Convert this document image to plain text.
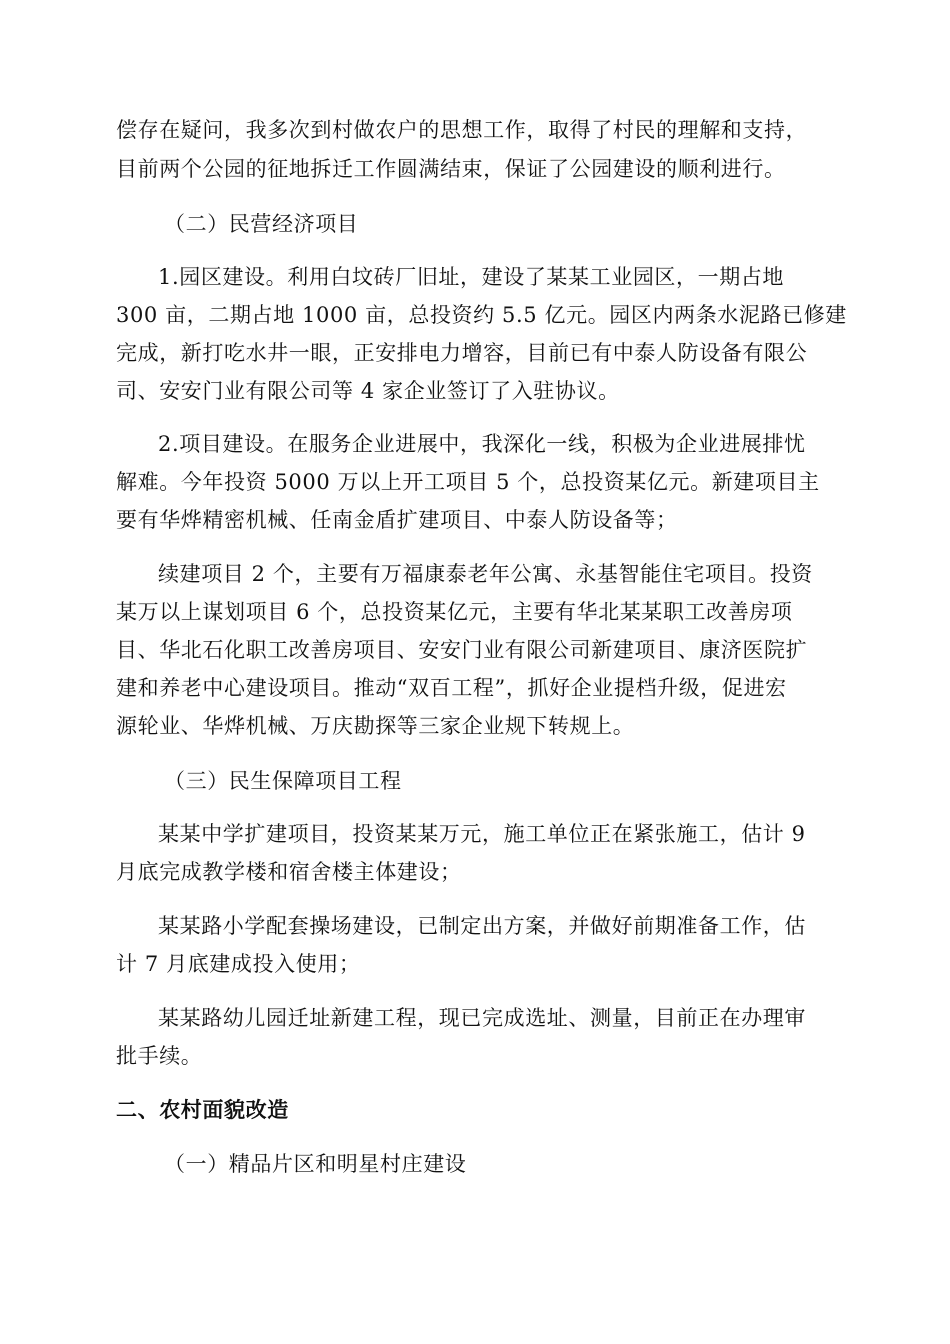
偿存在疑问，我多次到村做农户的思想工作，取得了村民的理解和支持，
目前两个公园的征地拆迁工作圆满结束，保证了公园建设的顺利进行。
（二）民营经济项目
1.园区建设。利用白坟砖厂旧址，建设了某某工业园区，一期占地
300 亩，二期占地 1000 亩，总投资约 5.5 亿元。园区内两条水泥路已修建
完成，新打吃水井一眼，正安排电力增容，目前已有中泰人防设备有限公
司、安安门业有限公司等 4 家企业签订了入驻协议。
2.项目建设。在服务企业进展中，我深化一线，积极为企业进展排忧
解难。今年投资 5000 万以上开工项目 5 个，总投资某亿元。新建项目主
要有华烨精密机械、任南金盾扩建项目、中泰人防设备等；
续建项目 2 个，主要有万福康泰老年公寓、永基智能住宅项目。投资
某万以上谋划项目 6 个，总投资某亿元，主要有华北某某职工改善房项
目、华北石化职工改善房项目、安安门业有限公司新建项目、康济医院扩
建和养老中心建设项目。推动“双百工程”，抓好企业提档升级，促进宏
源轮业、华烨机械、万庆勘探等三家企业规下转规上。
（三）民生保障项目工程
某某中学扩建项目，投资某某万元，施工单位正在紧张施工，估计 9
月底完成教学楼和宿舍楼主体建设；
某某路小学配套操场建设，已制定出方案，并做好前期准备工作，估
计 7 月底建成投入使用；
某某路幼儿园迁址新建工程，现已完成选址、测量，目前正在办理审
批手续。
二、农村面貌改造
（一）精品片区和明星村庄建设
